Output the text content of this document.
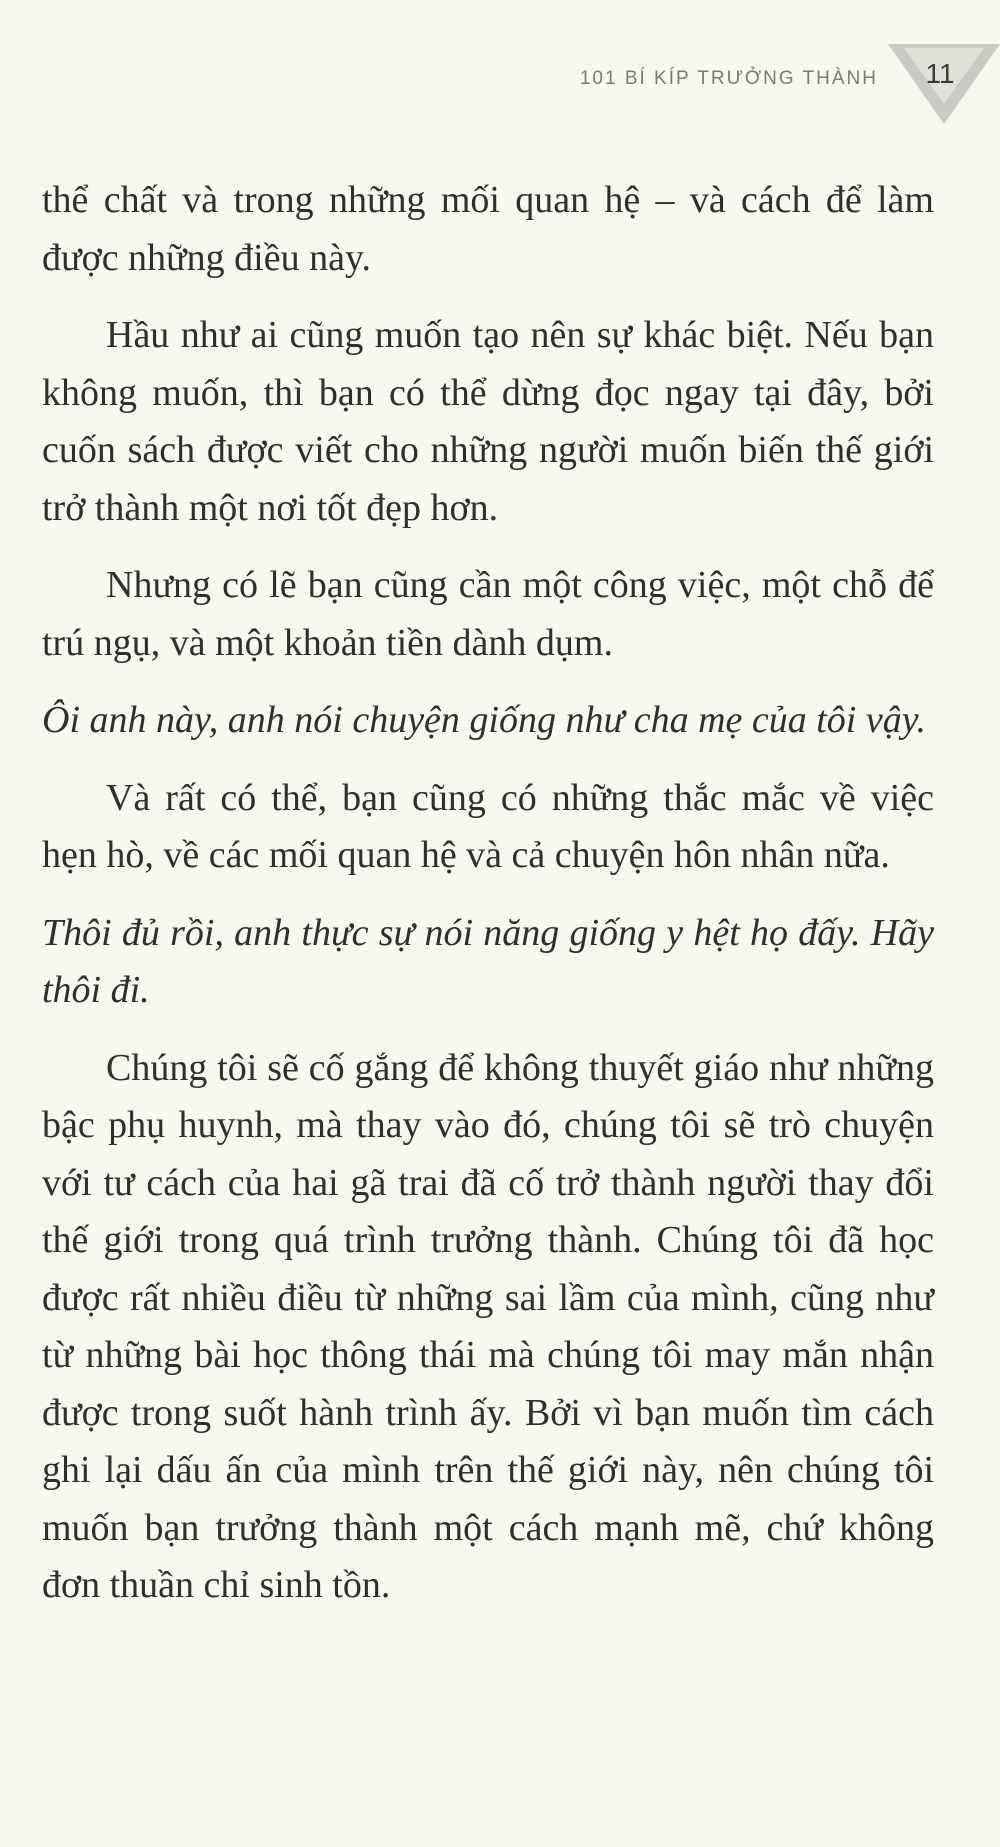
101 BÍ KÍP TRƯỞNG THÀNH	11

thể chất và trong những mối quan hệ – và cách để làm được những điều này.

Hầu như ai cũng muốn tạo nên sự khác biệt. Nếu bạn không muốn, thì bạn có thể dừng đọc ngay tại đây, bởi cuốn sách được viết cho những người muốn biến thế giới trở thành một nơi tốt đẹp hơn.

Nhưng có lẽ bạn cũng cần một công việc, một chỗ để trú ngụ, và một khoản tiền dành dụm.

Ôi anh này, anh nói chuyện giống như cha mẹ của tôi vậy.

Và rất có thể, bạn cũng có những thắc mắc về việc hẹn hò, về các mối quan hệ và cả chuyện hôn nhân nữa.

Thôi đủ rồi, anh thực sự nói năng giống y hệt họ đấy. Hãy thôi đi.

Chúng tôi sẽ cố gắng để không thuyết giáo như những bậc phụ huynh, mà thay vào đó, chúng tôi sẽ trò chuyện với tư cách của hai gã trai đã cố trở thành người thay đổi thế giới trong quá trình trưởng thành. Chúng tôi đã học được rất nhiều điều từ những sai lầm của mình, cũng như từ những bài học thông thái mà chúng tôi may mắn nhận được trong suốt hành trình ấy. Bởi vì bạn muốn tìm cách ghi lại dấu ấn của mình trên thế giới này, nên chúng tôi muốn bạn trưởng thành một cách mạnh mẽ, chứ không đơn thuần chỉ sinh tồn.
